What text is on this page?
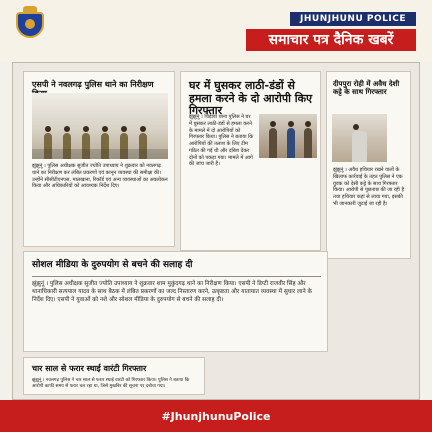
JHUNJHUNU POLICE
समाचार पत्र दैनिक खबरें
एसपी ने नवलगढ़ पुलिस थाने का निरीक्षण
झुंझुनूं । पुलिस अधीक्षक सुजीत ज्योति उपाध्याय ने शुक्रवार को नवलगढ़ थाने का निरीक्षण कर लंबित प्रकरणों एवं कानून व्यवस्था की समीक्षा की। उन्होंने सीसीटीएनएस, मालखाना, रिकॉर्ड एवं अन्य व्यवस्थाओं का अवलोकन किया और अधिकारियों को आवश्यक निर्देश दिए।
घर में घुसकर लाठी-डंडों से हमला करने के दो आरोपी किए गिरफ्तार
झुंझुनूं । चिड़ावा थाना पुलिस ने घर में घुसकर लाठी-डंडों से हमला करने के मामले में दो आरोपियों को गिरफ्तार किया। पुलिस ने बताया कि आरोपियों की तलाश के लिए टीम गठित की गई थी और दबिश देकर दोनों को पकड़ा गया। मामले में आगे की जांच जारी है।
दीपपुरा रोही में अवैध देशी कट्टे के साथ गिरफ्तार
झुंझुनूं । अवैध हथियार रखने वालों के खिलाफ कार्रवाई के तहत पुलिस ने एक युवक को देसी कट्टे के साथ गिरफ्तार किया। आरोपी से पूछताछ की जा रही है तथा हथियार कहां से लाया गया, इसकी भी जानकारी जुटाई जा रही है।
सोशल मीडिया के दुरुपयोग से बचने की सलाह दी
झुंझुनूं । पुलिस अधीक्षक सुजीत ज्योति उपाध्याय ने शुक्रवार शाम मुकुंदगढ़ थाने का निरीक्षण किया। एसपी ने डिप्टी राजवीर सिंह और थानाधिकारी सत्यपाल यादव के साथ बैठक में लंबित प्रकरणों का जल्द निस्तारण करने, उत्कृष्टता और यातायात व्यवस्था में सुधार लाने के निर्देश दिए। एसपी ने युवाओं को नशे और सोशल मीडिया के दुरुपयोग से बचने की सलाह दी।
चार साल से फरार स्थाई वारंटी गिरफ्तार
झुंझुनूं । नवलगढ़ पुलिस ने चार साल से फरार स्थाई वारंटी को गिरफ्तार किया। पुलिस ने बताया कि आरोपी काफी समय से फरार चल रहा था, जिसे मुखबिर की सूचना पर दबोचा गया।
#JhunjhunuPolice
